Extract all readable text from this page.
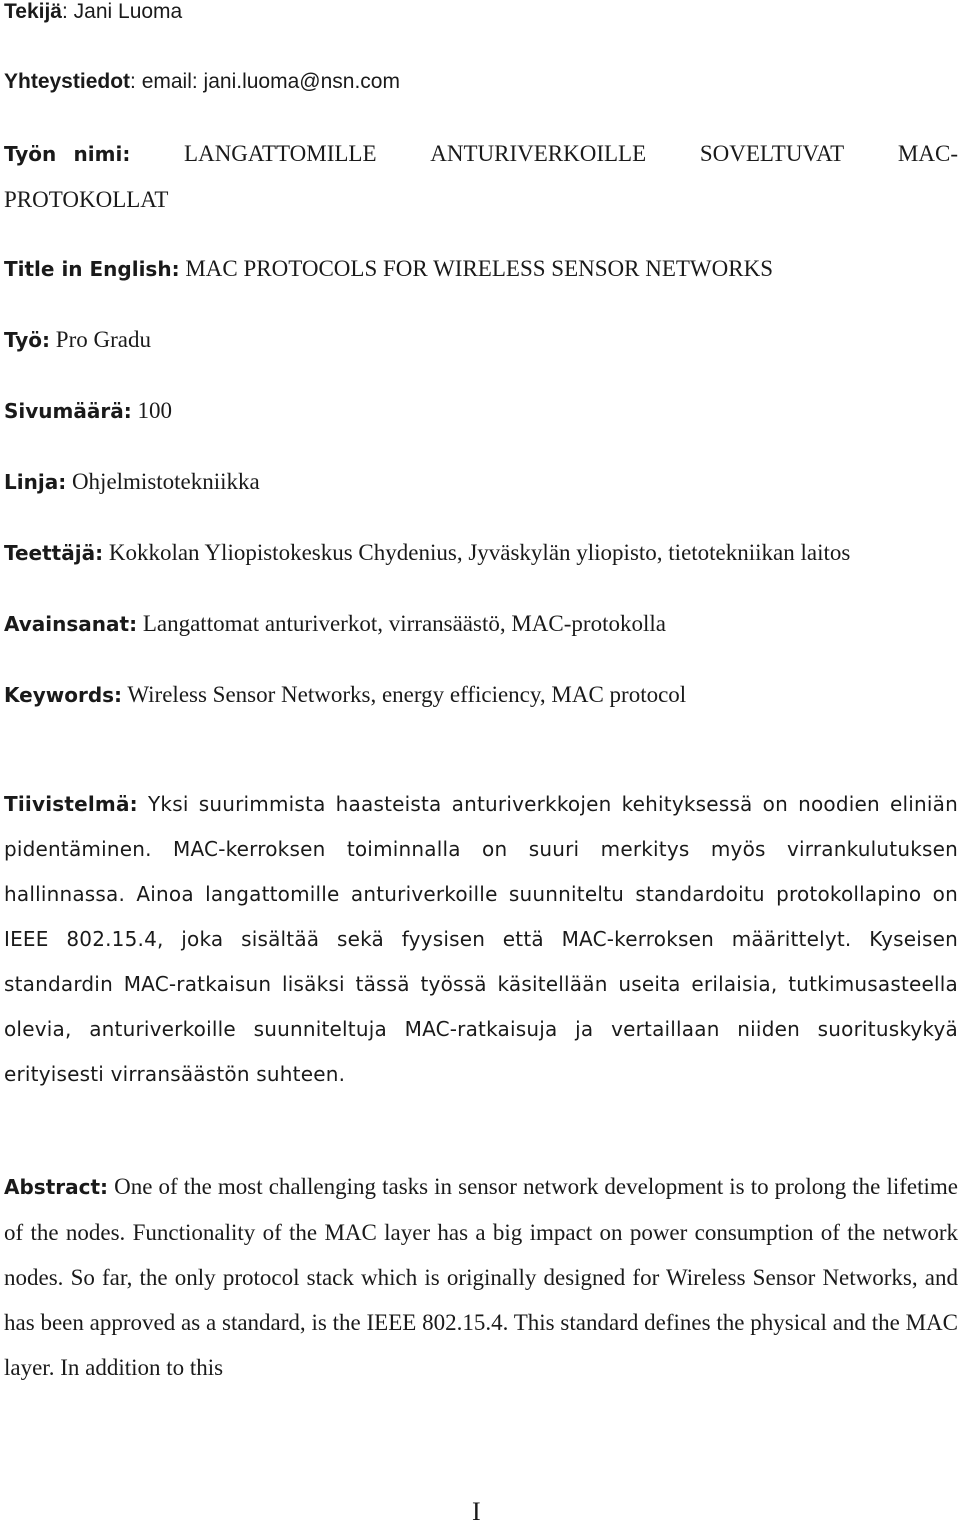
Tekijä: Jani Luoma
Yhteystiedot: email: jani.luoma@nsn.com
Työn nimi: LANGATTOMILLE ANTURIVERKOILLE SOVELTUVAT MAC-
PROTOKOLLAT
Title in English: MAC PROTOCOLS FOR WIRELESS SENSOR NETWORKS
Työ: Pro Gradu
Sivumäärä: 100
Linja: Ohjelmistotekniikka
Teettäjä: Kokkolan Yliopistokeskus Chydenius, Jyväskylän yliopisto, tietotekniikan laitos
Avainsanat: Langattomat anturiverkot, virransäästö, MAC-protokolla
Keywords: Wireless Sensor Networks, energy efficiency, MAC protocol
Tiivistelmä: Yksi suurimmista haasteista anturiverkkojen kehityksessä on noodien eliniän pidentäminen. MAC-kerroksen toiminnalla on suuri merkitys myös virrankulutuksen hallinnassa. Ainoa langattomille anturiverkoille suunniteltu standardoitu protokollapino on IEEE 802.15.4, joka sisältää sekä fyysisen että MAC-kerroksen määrittelyt. Kyseisen standardin MAC-ratkaisun lisäksi tässä työssä käsitellään useita erilaisia, tutkimusasteella olevia, anturiverkoille suunniteltuja MAC-ratkaisuja ja vertaillaan niiden suorituskykyä erityisesti virransäästön suhteen.
Abstract: One of the most challenging tasks in sensor network development is to prolong the lifetime of the nodes. Functionality of the MAC layer has a big impact on power consumption of the network nodes. So far, the only protocol stack which is originally designed for Wireless Sensor Networks, and has been approved as a standard, is the IEEE 802.15.4. This standard defines the physical and the MAC layer. In addition to this
I
